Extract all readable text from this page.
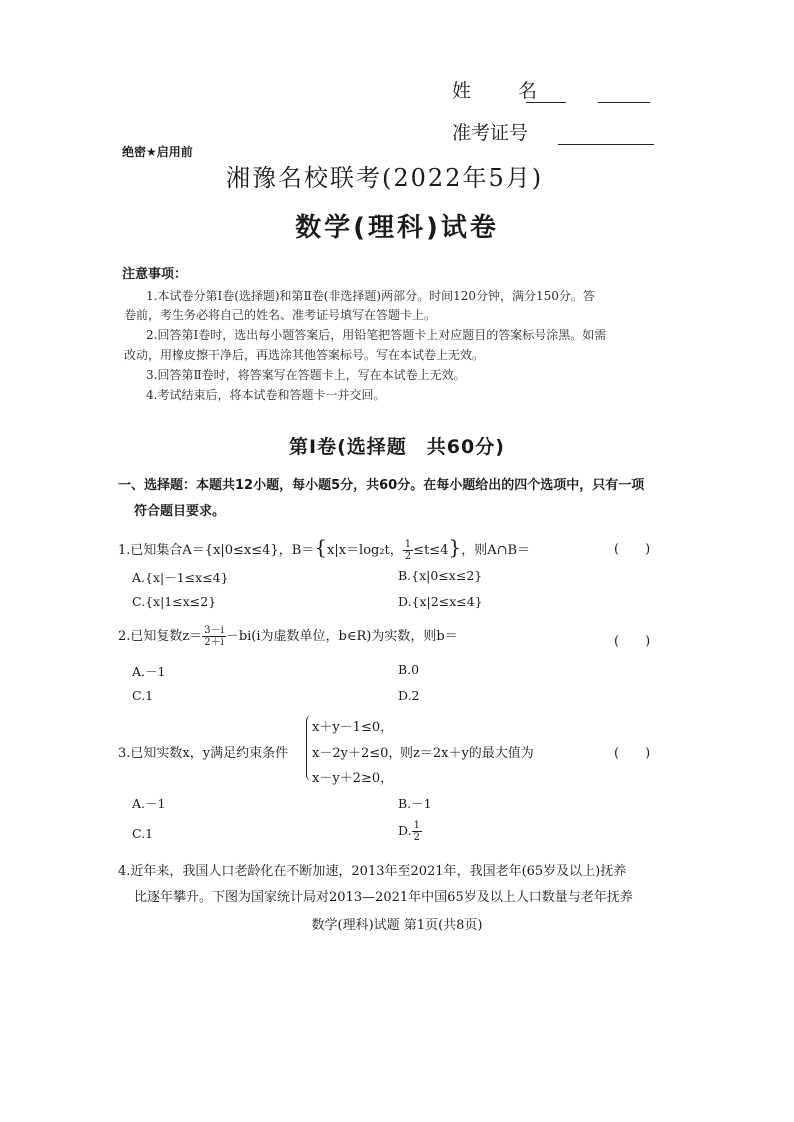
姓　名
准考证号
绝密★启用前
湘豫名校联考(2022年5月)
数学(理科)试卷
注意事项：
1.本试卷分第Ⅰ卷(选择题)和第Ⅱ卷(非选择题)两部分。时间120分钟，满分150分。答
卷前，考生务必将自己的姓名、准考证号填写在答题卡上。
2.回答第Ⅰ卷时，选出每小题答案后，用铅笔把答题卡上对应题目的答案标号涂黑。如需
改动，用橡皮擦干净后，再选涂其他答案标号。写在本试卷上无效。
3.回答第Ⅱ卷时，将答案写在答题卡上，写在本试卷上无效。
4.考试结束后，将本试卷和答题卡一并交回。
第Ⅰ卷(选择题　共60分)
一、选择题：本题共12小题，每小题5分，共60分。在每小题给出的四个选项中，只有一项
符合题目要求。
1.已知集合A＝{x|0≤x≤4}，B＝{x|x＝log₂t， $\frac{1}{2} \le t\le 4$}，则A∩B＝	(　　)
A.{x|－1≤x≤4}	B.{x|0≤x≤2}
C.{x|1≤x≤2}	D.{x|2≤x≤4}
2.已知复数$z= \frac{3-i}{2+i} -bi(i$为虚数单位，b∈R)为实数，则b＝	(　　)
A.－1	B.0
C.1	D.2
3.已知实数x，y满足约束条件
x＋y－1≤0，
x－2y＋2≤0，
x－y＋2≥0，
则z＝2x＋y的最大值为	(　　)
A.－1	B.－1
C.1	D. $\frac{1}{2}$
4.近年来，我国人口老龄化在不断加速，2013年至2021年，我国老年(65岁及以上)抚养
比逐年攀升。下图为国家统计局对2013—2021年中国65岁及以上人口数量与老年抚养
数学(理科)试题 第1页(共8页)
